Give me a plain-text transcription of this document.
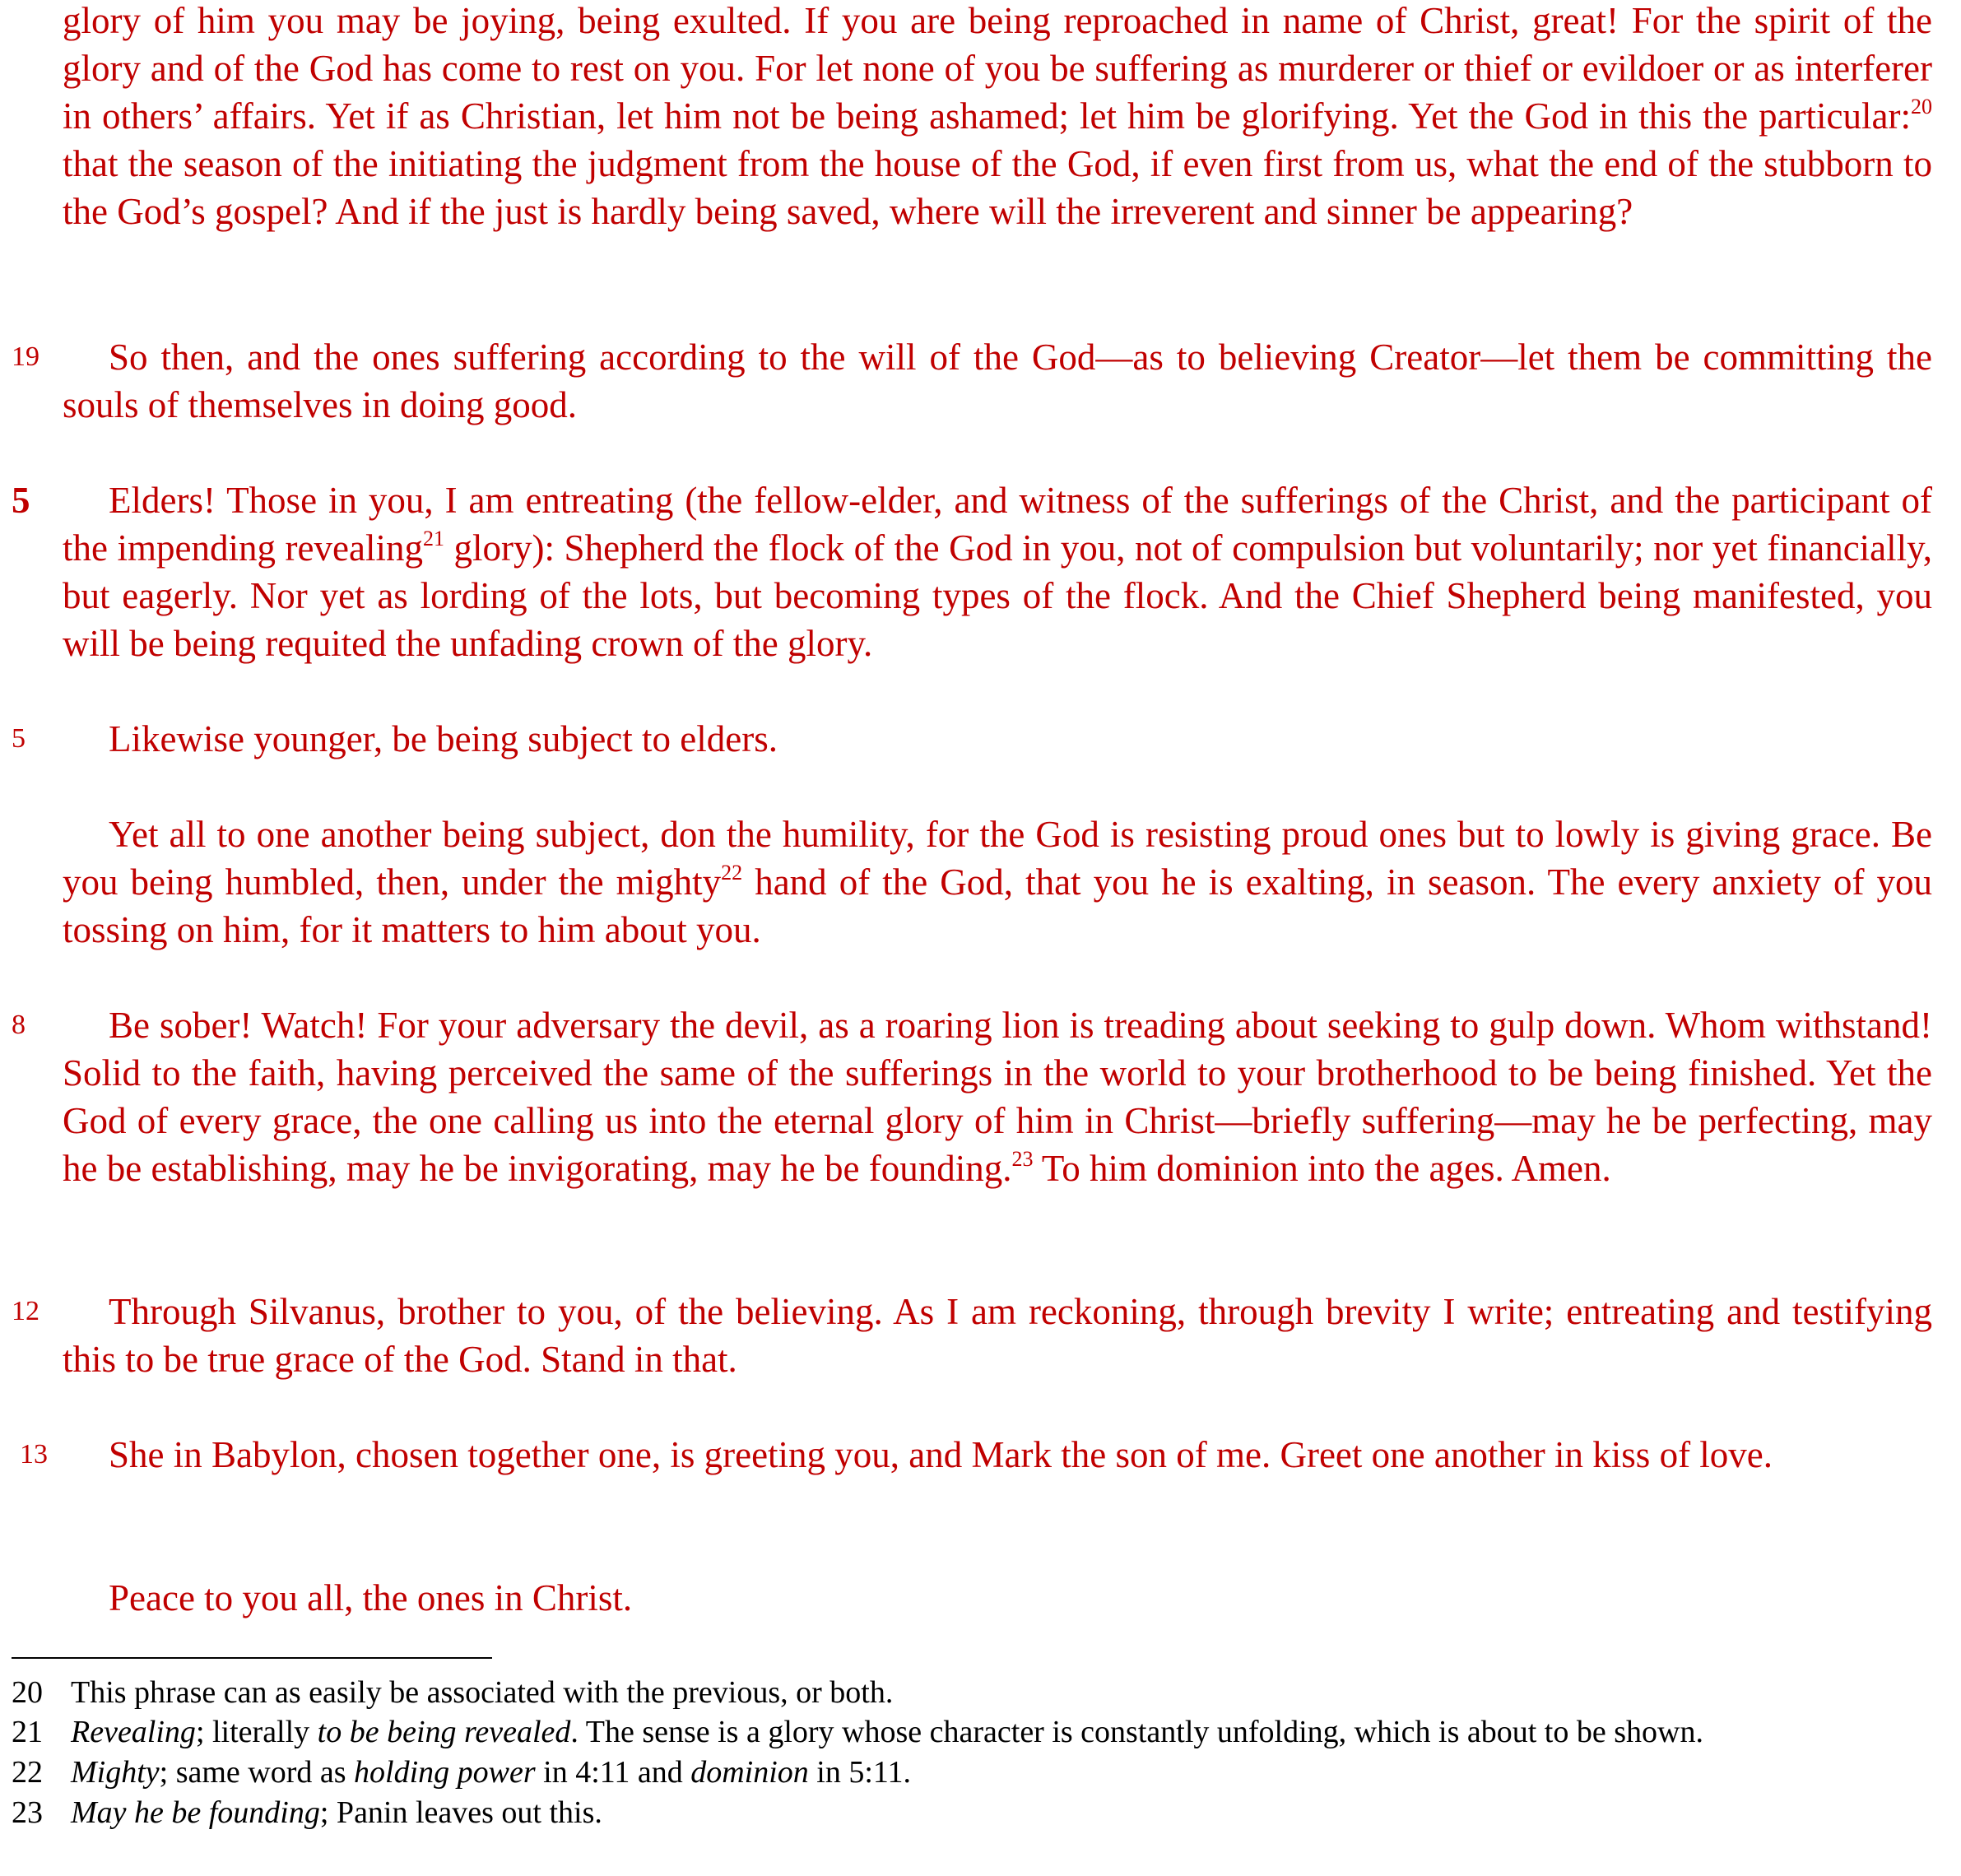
glory of him you may be joying, being exulted. If you are being reproached in name of Christ, great! For the spirit of the glory and of the God has come to rest on you. For let none of you be suffering as murderer or thief or evildoer or as interferer in others’ affairs. Yet if as Christian, let him not be being ashamed; let him be glorifying. Yet the God in this the particular:$^{20}$ that the season of the initiating the judgment from the house of the God, if even first from us, what the end of the stubborn to the God’s gospel? And if the just is hardly being saved, where will the irreverent and sinner be appearing?
19	So then, and the ones suffering according to the will of the God—as to believing Creator—let them be committing the souls of themselves in doing good.
5	Elders! Those in you, I am entreating (the fellow-elder, and witness of the sufferings of the Christ, and the participant of the impending revealing$^{21}$ glory): Shepherd the flock of the God in you, not of compulsion but voluntarily; nor yet financially, but eagerly. Nor yet as lording of the lots, but becoming types of the flock. And the Chief Shepherd being manifested, you will be being requited the unfading crown of the glory.
5	Likewise younger, be being subject to elders.
Yet all to one another being subject, don the humility, for the God is resisting proud ones but to lowly is giving grace. Be you being humbled, then, under the mighty$^{22}$ hand of the God, that you he is exalting, in season. The every anxiety of you tossing on him, for it matters to him about you.
8	Be sober! Watch! For your adversary the devil, as a roaring lion is treading about seeking to gulp down. Whom withstand! Solid to the faith, having perceived the same of the sufferings in the world to your brotherhood to be being finished. Yet the God of every grace, the one calling us into the eternal glory of him in Christ—briefly suffering—may he be perfecting, may he be establishing, may he be invigorating, may he be founding.$^{23}$ To him dominion into the ages. Amen.
12	Through Silvanus, brother to you, of the believing. As I am reckoning, through brevity I write; entreating and testifying this to be true grace of the God. Stand in that.
13	She in Babylon, chosen together one, is greeting you, and Mark the son of me. Greet one another in kiss of love.
Peace to you all, the ones in Christ.
20 This phrase can as easily be associated with the previous, or both.
21 Revealing; literally to be being revealed. The sense is a glory whose character is constantly unfolding, which is about to be shown.
22 Mighty; same word as holding power in 4:11 and dominion in 5:11.
23 May he be founding; Panin leaves out this.
